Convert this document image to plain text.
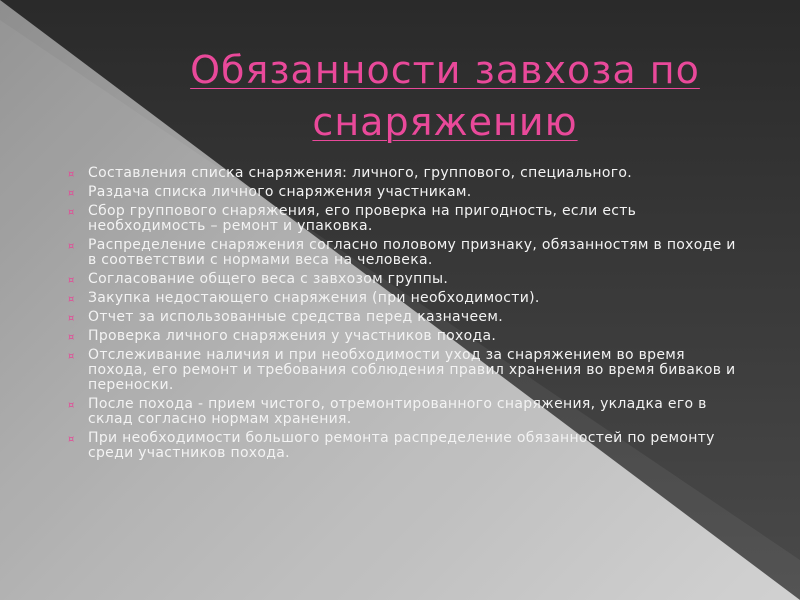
Обязанности завхоза по
снаряжению
¤ Составления списка снаряжения: личного, группового, специального.
¤ Раздача списка личного снаряжения участникам.
¤ Сбор группового снаряжения, его проверка на пригодность, если есть необходимость – ремонт и упаковка.
¤ Распределение снаряжения согласно половому признаку, обязанностям в походе и в соответствии с нормами веса на человека.
¤ Согласование общего веса с завхозом группы.
¤ Закупка недостающего снаряжения (при необходимости).
¤ Отчет за использованные средства перед казначеем.
¤ Проверка личного снаряжения у участников похода.
¤ Отслеживание наличия и при необходимости уход за снаряжением во время похода, его ремонт и требования соблюдения правил хранения во время биваков и переноски.
¤ После похода - прием чистого, отремонтированного снаряжения, укладка его в склад согласно нормам хранения.
¤ При необходимости большого ремонта распределение обязанностей по ремонту среди участников похода.
